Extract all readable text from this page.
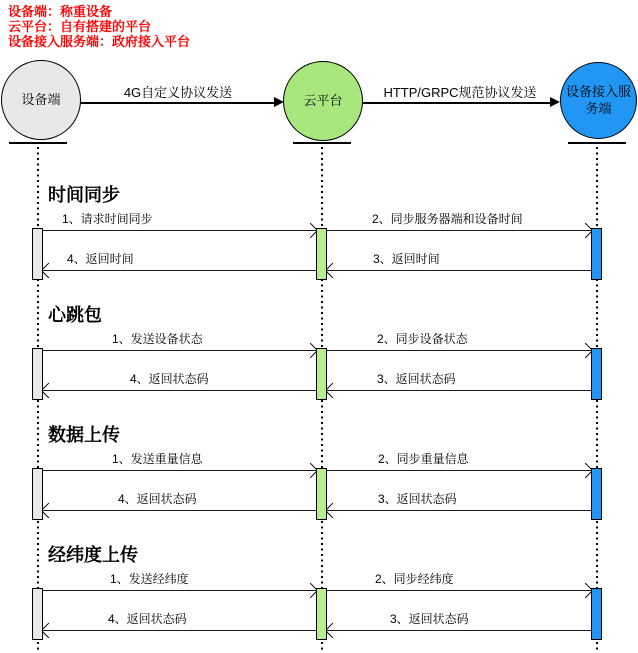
设备端：称重设备
云平台：自有搭建的平台
设备接入服务端：政府接入平台
设备端	云平台
设备接入服务端
4G自定义协议发送	HTTP/GRPC规范协议发送
时间同步
1、请求时间同步	2、同步服务器端和设备时间
3、返回时间
4、返回时间
心跳包
1、发送设备状态	2、同步设备状态
3、返回状态码
4、返回状态码
数据上传
1、发送重量信息	2、同步重量信息
3、返回状态码
4、返回状态码
经纬度上传
1、发送经纬度	2、同步经纬度
3、返回状态码
4、返回状态码
